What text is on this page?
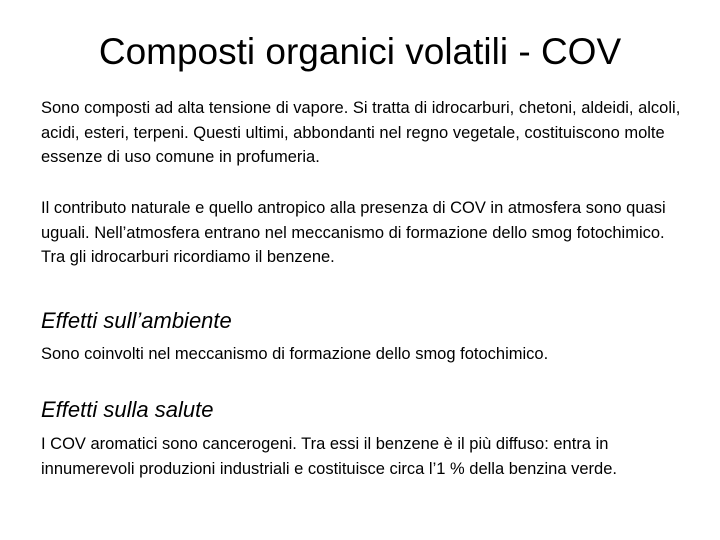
Composti organici volatili - COV

Sono composti ad alta tensione di vapore. Si tratta di idrocarburi, chetoni, aldeidi, alcoli, acidi, esteri, terpeni. Questi ultimi, abbondanti nel regno vegetale, costituiscono molte essenze di uso comune in profumeria.

Il contributo naturale e quello antropico alla presenza di COV in atmosfera sono quasi uguali. Nell’atmosfera entrano nel meccanismo di formazione dello smog fotochimico. Tra gli idrocarburi ricordiamo il benzene.

Effetti sull’ambiente

Sono coinvolti nel meccanismo di formazione dello smog fotochimico.

Effetti sulla salute

I COV aromatici sono cancerogeni. Tra essi il benzene è il più diffuso: entra in innumerevoli produzioni industriali e costituisce circa l’1 % della benzina verde.
